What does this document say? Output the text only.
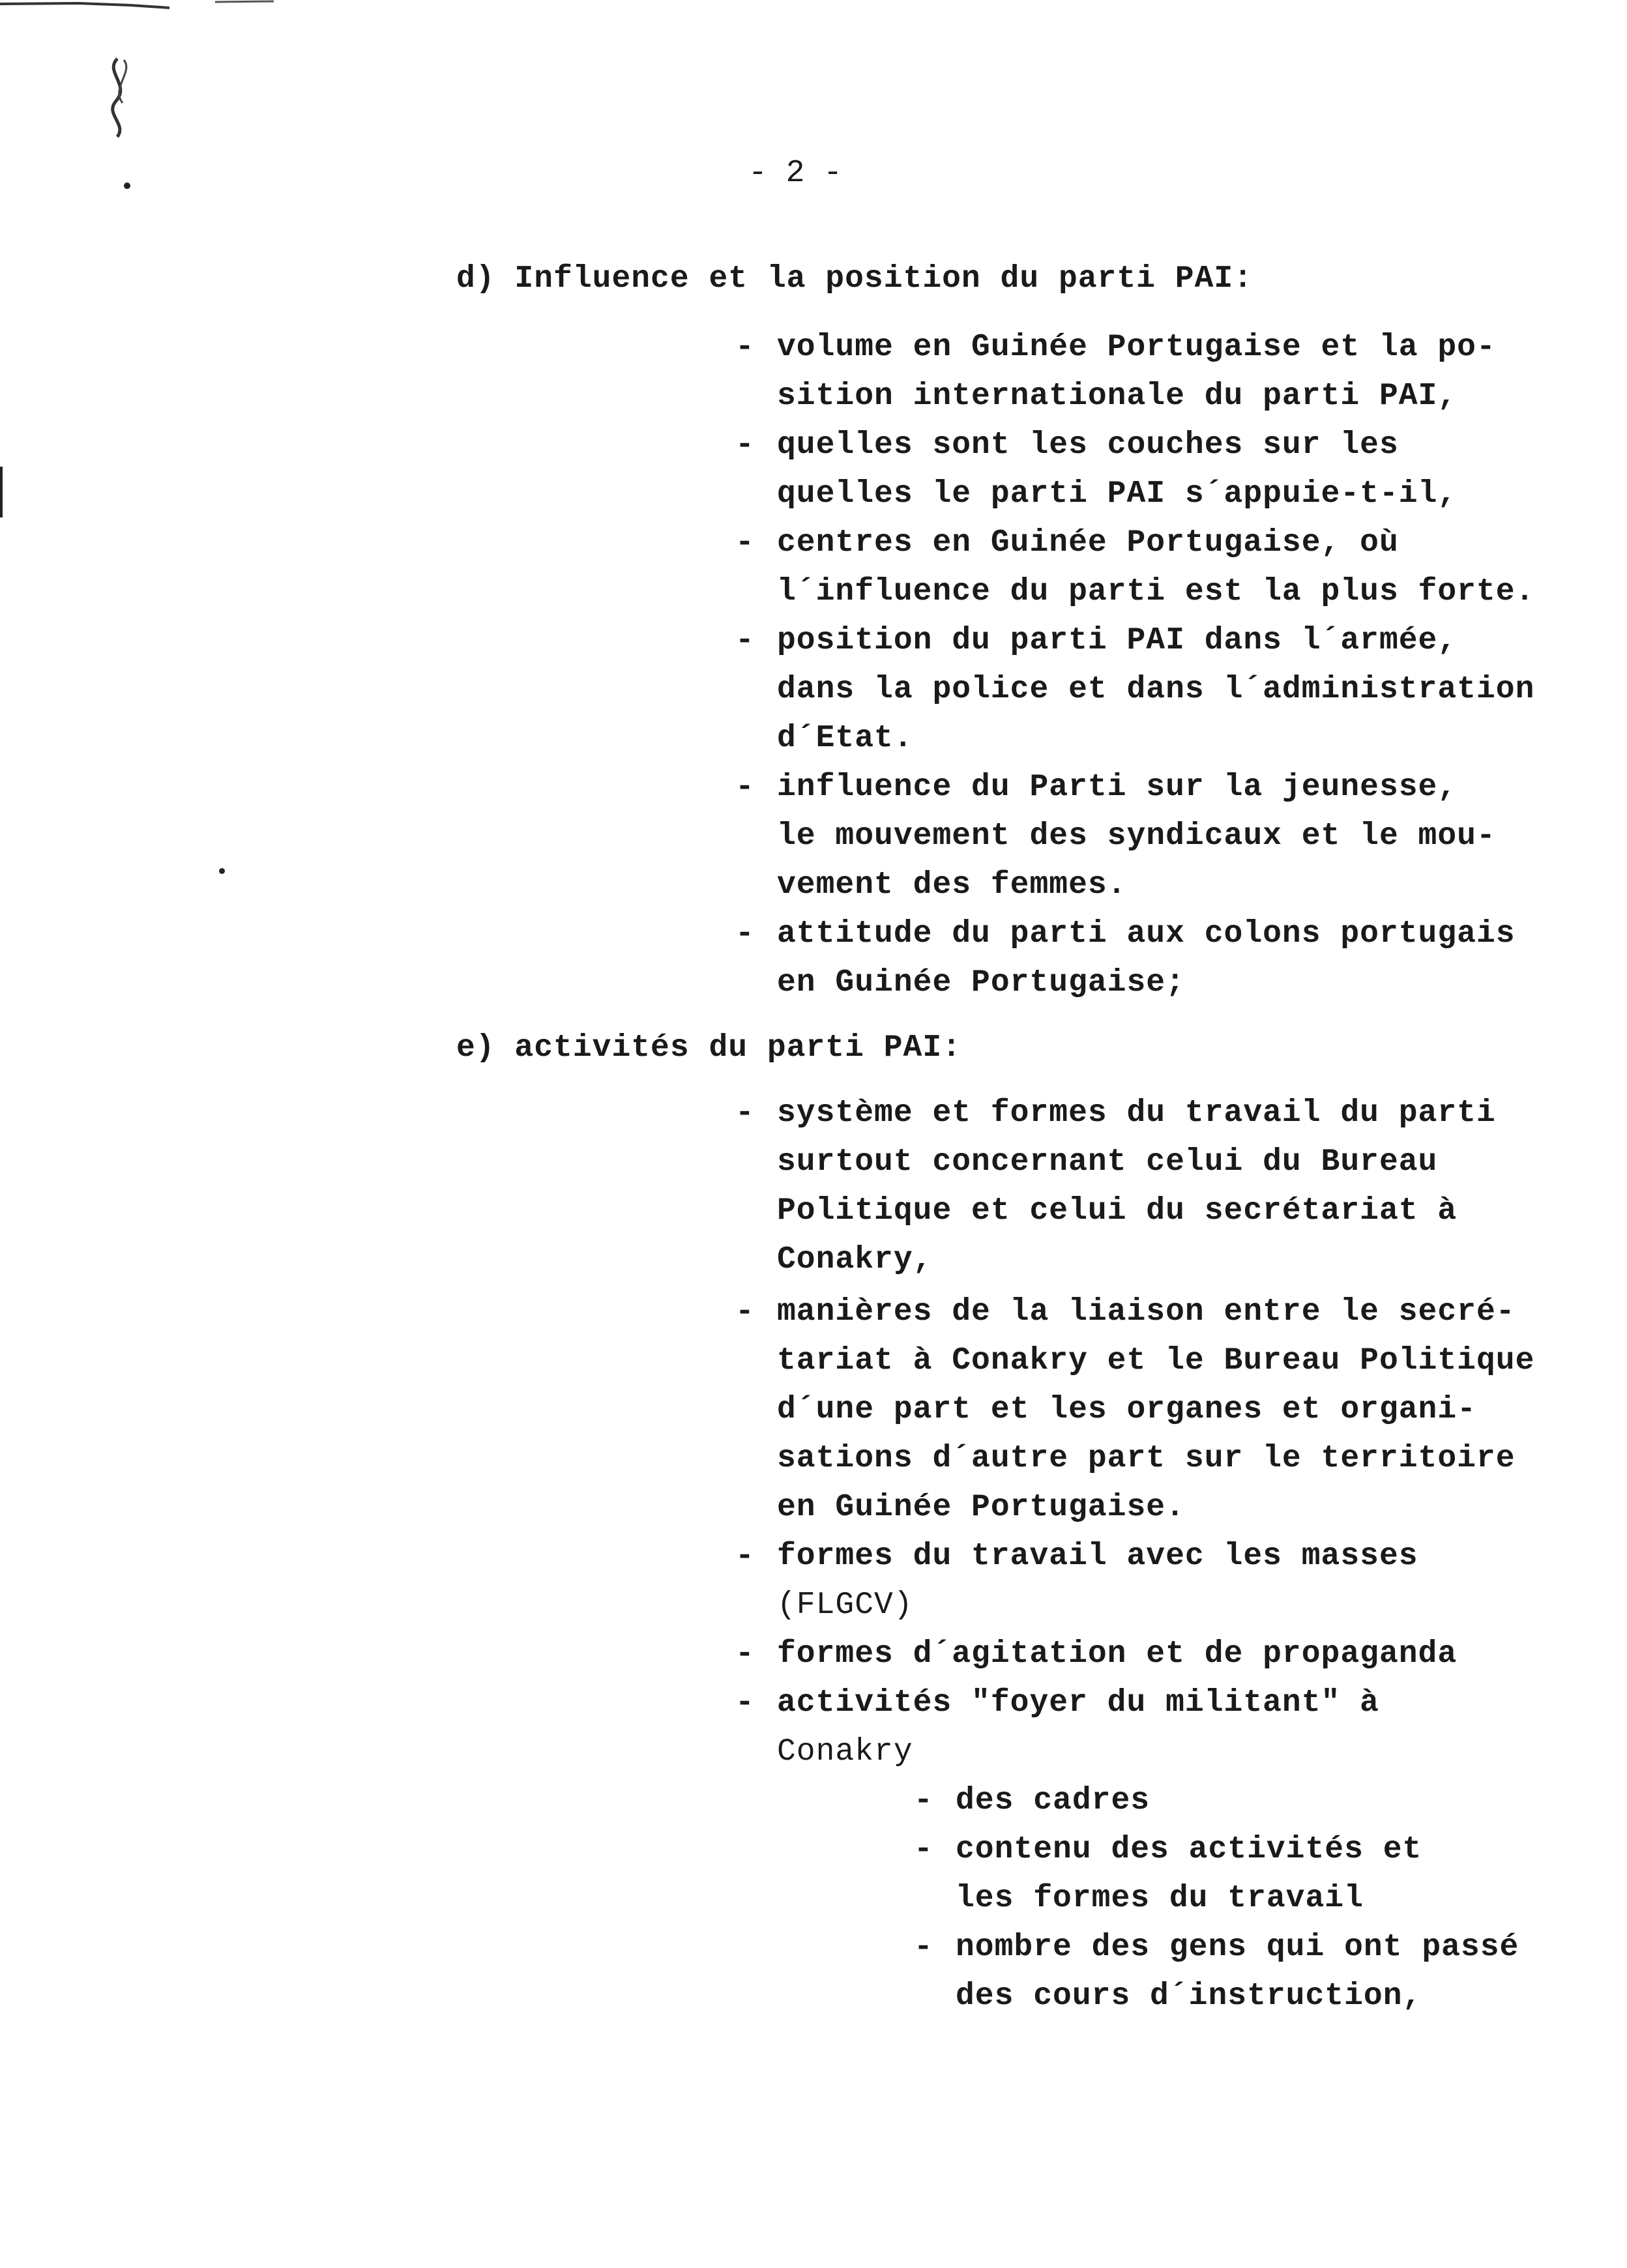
- 2 -
d) Influence et la position du parti PAI:
- volume en Guinée Portugaise et la po-
sition internationale du parti PAI,
- quelles sont les couches sur les
quelles le parti PAI s´appuie-t-il,
- centres en Guinée Portugaise, où
l´influence du parti est la plus forte.
- position du parti PAI dans l´armée,
dans la police et dans l´administration
d´Etat.
- influence du Parti sur la jeunesse,
le mouvement des syndicaux et le mou-
vement des femmes.
- attitude du parti aux colons portugais
en Guinée Portugaise;
e) activités du parti PAI:
- système et formes du travail du parti
surtout concernant celui du Bureau
Politique et celui du secrétariat à
Conakry,
- manières de la liaison entre le secré-
tariat à Conakry et le Bureau Politique
d´une part et les organes et organi-
sations d´autre part sur le territoire
en Guinée Portugaise.
- formes du travail avec les masses
(FLGCV)
- formes d´agitation et de propaganda
- activités "foyer du militant" à
Conakry
- des cadres
- contenu des activités et
les formes du travail
- nombre des gens qui ont passé
des cours d´instruction,
